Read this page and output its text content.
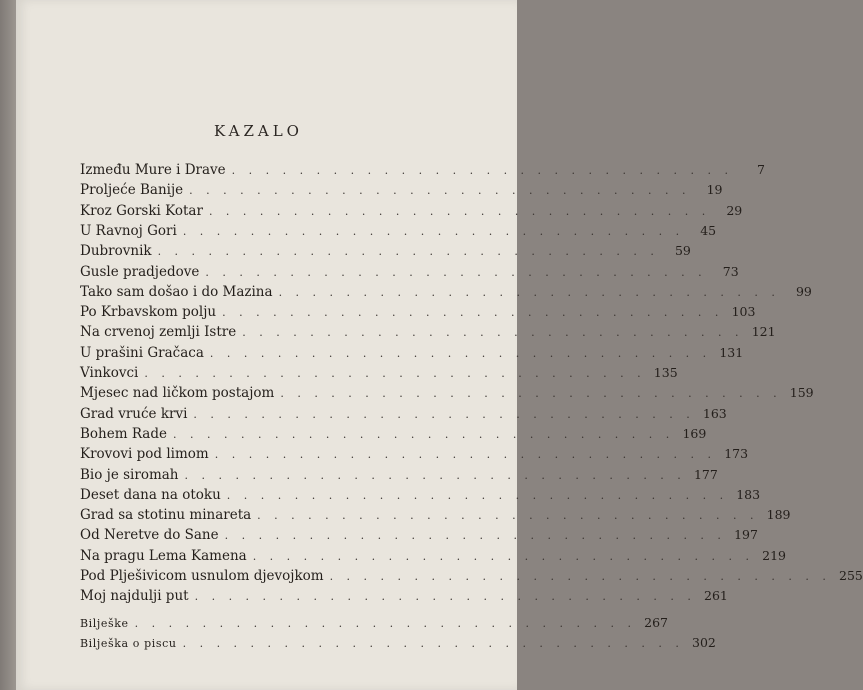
KAZALO
Između Mure i Drave . . . . . . . . . . . . . . . . . . . . . . . . . . . . . .	7
Proljeće Banije . . . . . . . . . . . . . . . . . . . . . . . . . . . . . .	19
Kroz Gorski Kotar . . . . . . . . . . . . . . . . . . . . . . . . . . . . . .	29
U Ravnoj Gori . . . . . . . . . . . . . . . . . . . . . . . . . . . . . .	45
Dubrovnik . . . . . . . . . . . . . . . . . . . . . . . . . . . . . .	59
Gusle pradjedove . . . . . . . . . . . . . . . . . . . . . . . . . . . . . .	73
Tako sam došao i do Mazina . . . . . . . . . . . . . . . . . . . . . . . . . . . . . .	99
Po Krbavskom polju . . . . . . . . . . . . . . . . . . . . . . . . . . . . . . 103
Na crvenoj zemlji Istre . . . . . . . . . . . . . . . . . . . . . . . . . . . . . . 121
U prašini Gračaca . . . . . . . . . . . . . . . . . . . . . . . . . . . . . . 131
Vinkovci . . . . . . . . . . . . . . . . . . . . . . . . . . . . . . 135
Mjesec nad ličkom postajom . . . . . . . . . . . . . . . . . . . . . . . . . . . . . . 159
Grad vruće krvi . . . . . . . . . . . . . . . . . . . . . . . . . . . . . . 163
Bohem Rade . . . . . . . . . . . . . . . . . . . . . . . . . . . . . . 169
Krovovi pod limom . . . . . . . . . . . . . . . . . . . . . . . . . . . . . . 173
Bio je siromah . . . . . . . . . . . . . . . . . . . . . . . . . . . . . . 177
Deset dana na otoku . . . . . . . . . . . . . . . . . . . . . . . . . . . . . . 183
Grad sa stotinu minareta . . . . . . . . . . . . . . . . . . . . . . . . . . . . . . 189
Od Neretve do Sane . . . . . . . . . . . . . . . . . . . . . . . . . . . . . . 197
Na pragu Lema Kamena . . . . . . . . . . . . . . . . . . . . . . . . . . . . . . 219
Pod Plješivicom usnulom djevojkom . . . . . . . . . . . . . . . . . . . . . . . . . . . . . . 255
Moj najdulji put . . . . . . . . . . . . . . . . . . . . . . . . . . . . . . 261
Bilješke . . . . . . . . . . . . . . . . . . . . . . . . . . . . . . 267
Bilješka o piscu . . . . . . . . . . . . . . . . . . . . . . . . . . . . . . 302
